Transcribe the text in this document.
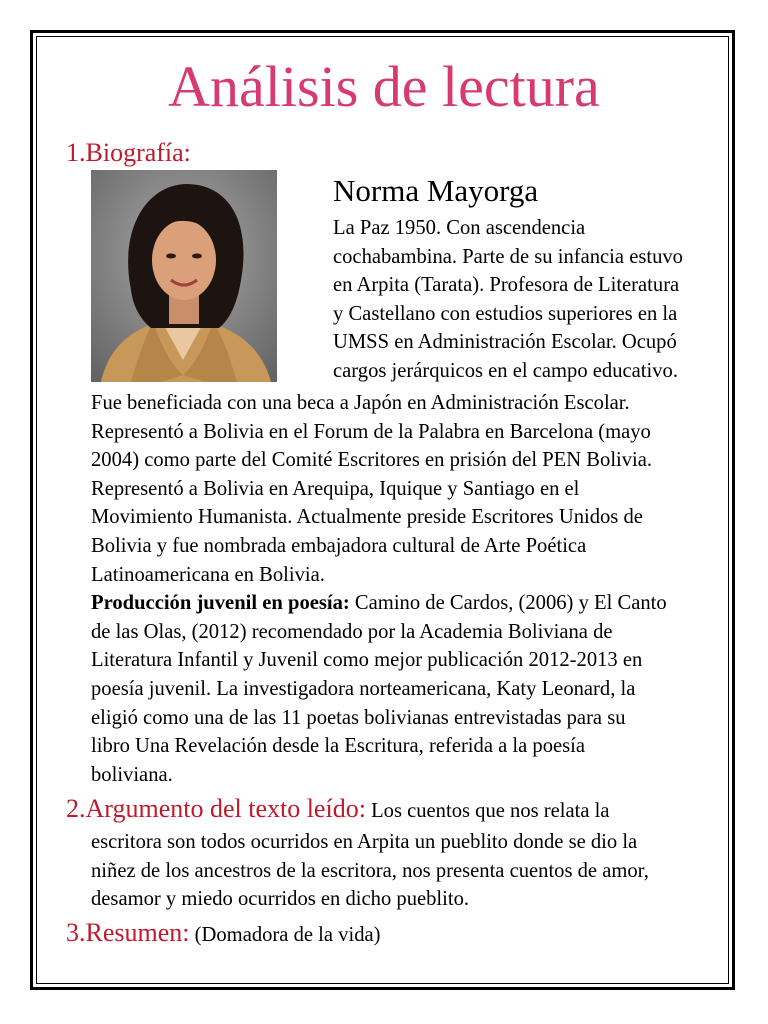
Análisis de lectura
1.Biografía:
Norma Mayorga
La Paz 1950. Con ascendencia
cochabambina. Parte de su infancia estuvo
en Arpita (Tarata). Profesora de Literatura
y Castellano con estudios superiores en la
UMSS en Administración Escolar. Ocupó
cargos jerárquicos en el campo educativo.
Fue beneficiada con una beca a Japón en Administración Escolar.
Representó a Bolivia en el Forum de la Palabra en Barcelona (mayo
2004) como parte del Comité Escritores en prisión del PEN Bolivia.
Representó a Bolivia en Arequipa, Iquique y Santiago en el
Movimiento Humanista. Actualmente preside Escritores Unidos de
Bolivia y fue nombrada embajadora cultural de Arte Poética
Latinoamericana en Bolivia.
Producción juvenil en poesía: Camino de Cardos, (2006) y El Canto
de las Olas, (2012) recomendado por la Academia Boliviana de
Literatura Infantil y Juvenil como mejor publicación 2012-2013 en
poesía juvenil. La investigadora norteamericana, Katy Leonard, la
eligió como una de las 11 poetas bolivianas entrevistadas para su
libro Una Revelación desde la Escritura, referida a la poesía
boliviana.
2.Argumento del texto leído: Los cuentos que nos relata la
escritora son todos ocurridos en Arpita un pueblito donde se dio la
niñez de los ancestros de la escritora, nos presenta cuentos de amor,
desamor y miedo ocurridos en dicho pueblito.
3.Resumen: (Domadora de la vida)
